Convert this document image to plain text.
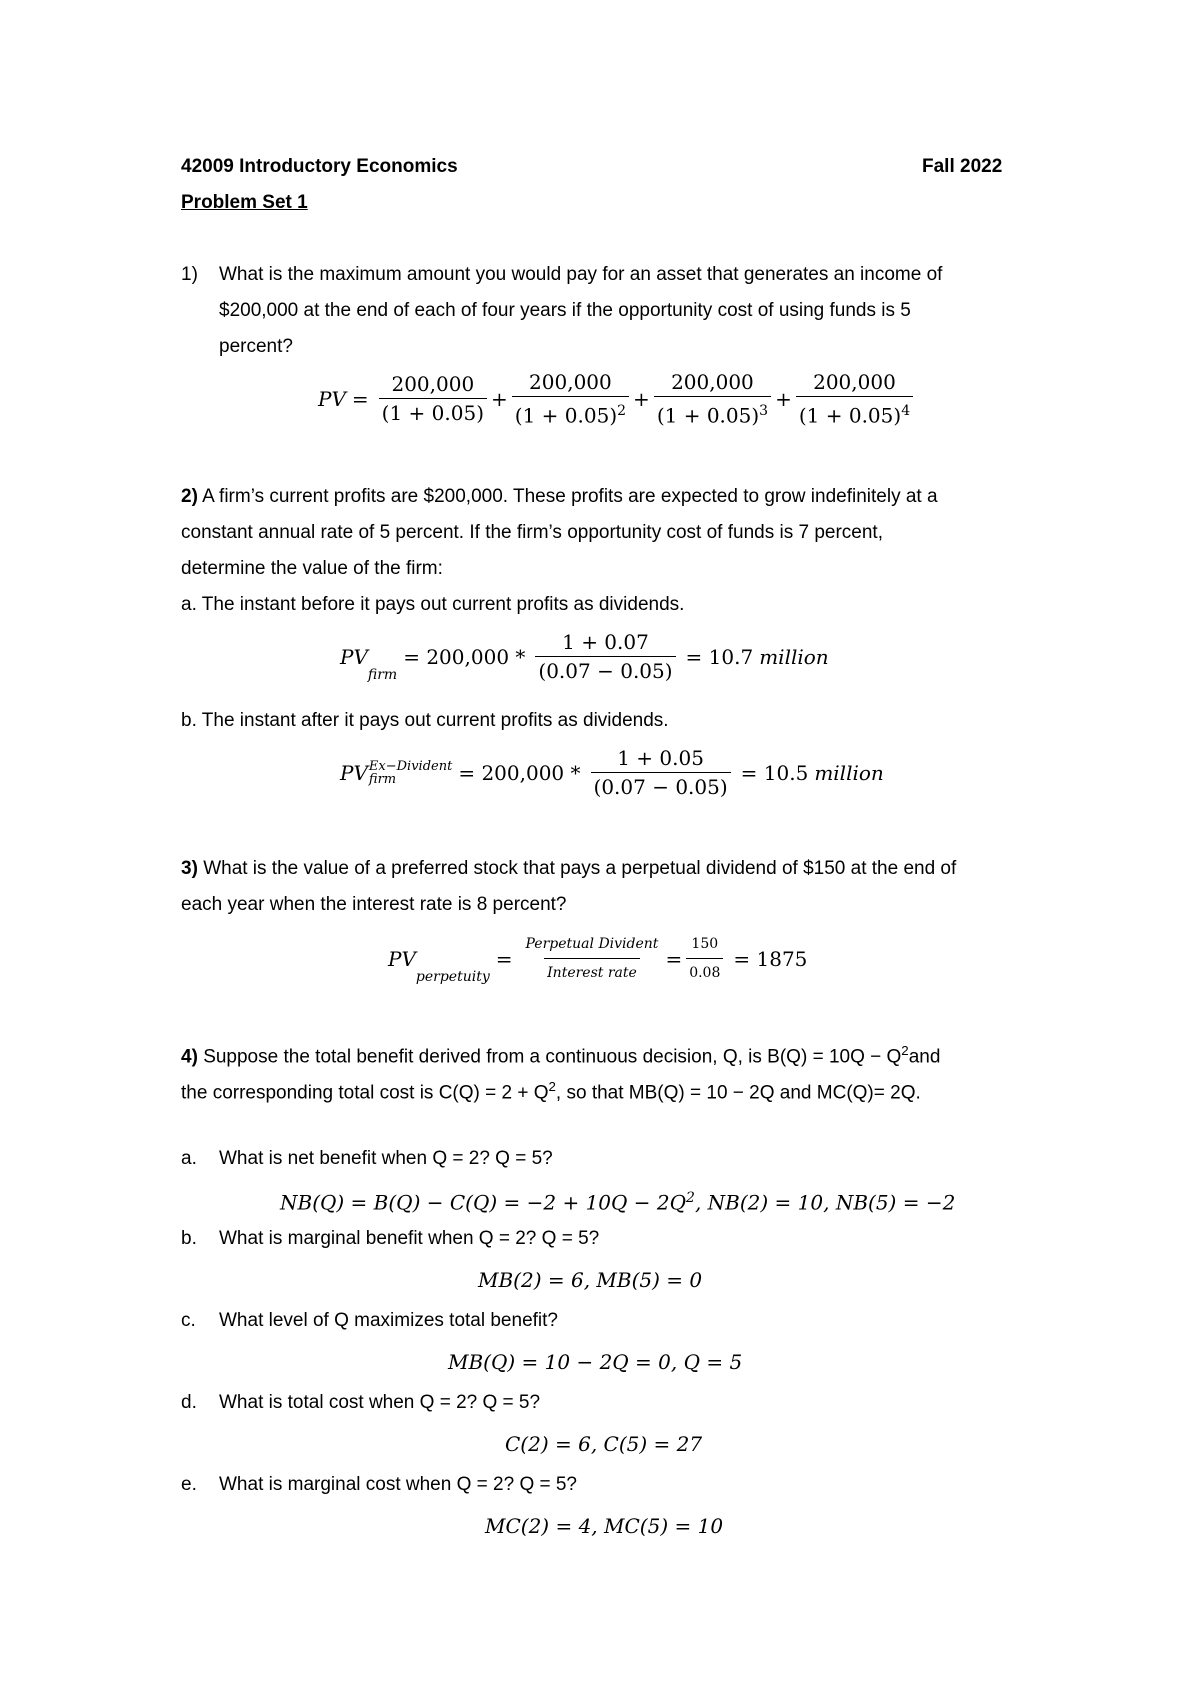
42009 Introductory Economics	Fall 2022
Problem Set 1
1) What is the maximum amount you would pay for an asset that generates an income of
$200,000 at the end of each of four years if the opportunity cost of using funds is 5
percent?
PV = $\frac{200,000}{(1 + 0.05)} + \frac{200,000}{(1 + 0.05)^2} + \frac{200,000}{(1 + 0.05)^3} + \frac{200,000}{(1 + 0.05)^4}$
2) A firm’s current profits are $200,000. These profits are expected to grow indefinitely at a
constant annual rate of 5 percent. If the firm’s opportunity cost of funds is 7 percent,
determine the value of the firm:
a. The instant before it pays out current profits as dividends.
PV
$_{firm}$
= $200,000 * \frac{1 + 0.07}{(0.07 - 0.05)} = 10.7$ million
b. The instant after it pays out current profits as dividends.
PV Ex−Divident
firm	= $200,000 * \frac{1 + 0.05}{(0.07 - 0.05)} = 10.5$ million
3) What is the value of a preferred stock that pays a perpetual dividend of $150 at the end of
each year when the interest rate is 8 percent?
PV
$_{perpetuity}$
= $\frac{\text{Perpetual Divident}}{\text{Interest rate}} = \frac{150}{0.08} = 1875$
4) Suppose the total benefit derived from a continuous decision, Q, is $B(Q) = 10Q - Q^2and$
the corresponding total cost is $C(Q) = 2 + Q^2$, so that MB(Q) = 10 − 2Q and MC(Q)= 2Q.
a. What is net benefit when Q = 2? Q = 5?
$NB(Q) = B(Q) - C(Q) = -2 + 10Q - 2Q^2$, NB(2) = 10, NB(5) = −2
b. What is marginal benefit when Q = 2? Q = 5?
MB(2) = 6, MB(5) = 0
c. What level of Q maximizes total benefit?
MB(Q) = 10 − 2Q = 0, Q = 5
d. What is total cost when Q = 2? Q = 5?
C(2) = 6, C(5) = 27
e. What is marginal cost when Q = 2? Q = 5?
MC(2) = 4, MC(5) = 10
